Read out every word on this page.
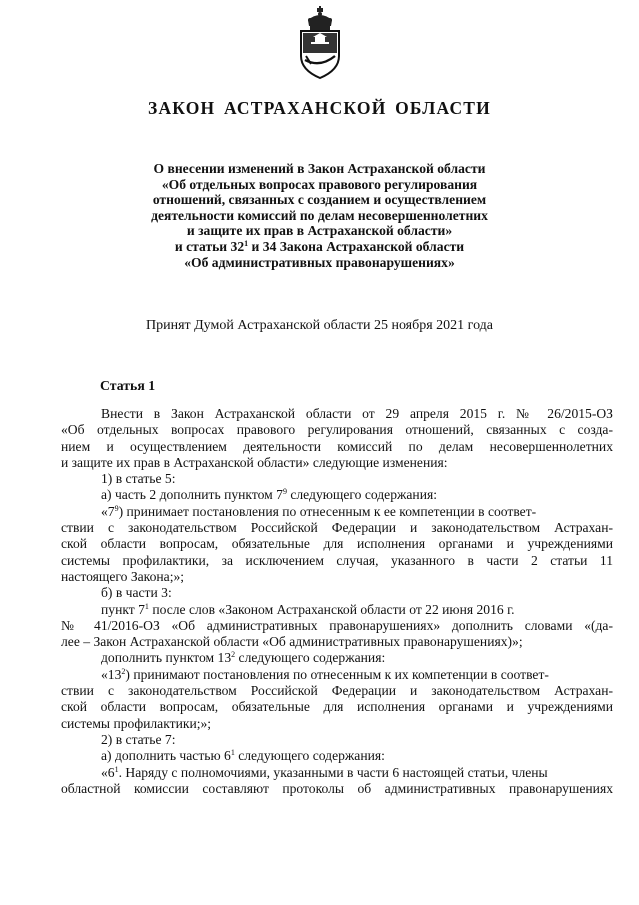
ЗАКОН АСТРАХАНСКОЙ ОБЛАСТИ
О внесении изменений в Закон Астраханской области
«Об отдельных вопросах правового регулирования
отношений, связанных с созданием и осуществлением
деятельности комиссий по делам несовершеннолетних
и защите их прав в Астраханской области»
и статьи $32^1$ и 34 Закона Астраханской области
«Об административных правонарушениях»
Принят Думой Астраханской области 25 ноября 2021 года
Статья 1
Внести в Закон Астраханской области от 29 апреля 2015 г. № 26/2015-ОЗ
«Об отдельных вопросах правового регулирования отношений, связанных с созда-
нием и осуществлением деятельности комиссий по делам несовершеннолетних
и защите их прав в Астраханской области» следующие изменения:
1) в статье 5:
а) часть 2 дополнить пунктом $7^9$ следующего содержания:
«$7^9$) принимает постановления по отнесенным к ее компетенции в соответ-
ствии с законодательством Российской Федерации и законодательством Астрахан-
ской области вопросам, обязательные для исполнения органами и учреждениями
системы профилактики, за исключением случая, указанного в части 2 статьи 11
настоящего Закона;»;
б) в части 3:
пункт $7^1$ после слов «Законом Астраханской области от 22 июня 2016 г.
№ 41/2016-ОЗ «Об административных правонарушениях» дополнить словами «(да-
лее – Закон Астраханской области «Об административных правонарушениях)»;
дополнить пунктом $13^2$ следующего содержания:
«$13^2$) принимают постановления по отнесенным к их компетенции в соответ-
ствии с законодательством Российской Федерации и законодательством Астрахан-
ской области вопросам, обязательные для исполнения органами и учреждениями
системы профилактики;»;
2) в статье 7:
а) дополнить частью $6^1$ следующего содержания:
«$6^1$. Наряду с полномочиями, указанными в части 6 настоящей статьи, члены
областной комиссии составляют протоколы об административных правонарушениях
